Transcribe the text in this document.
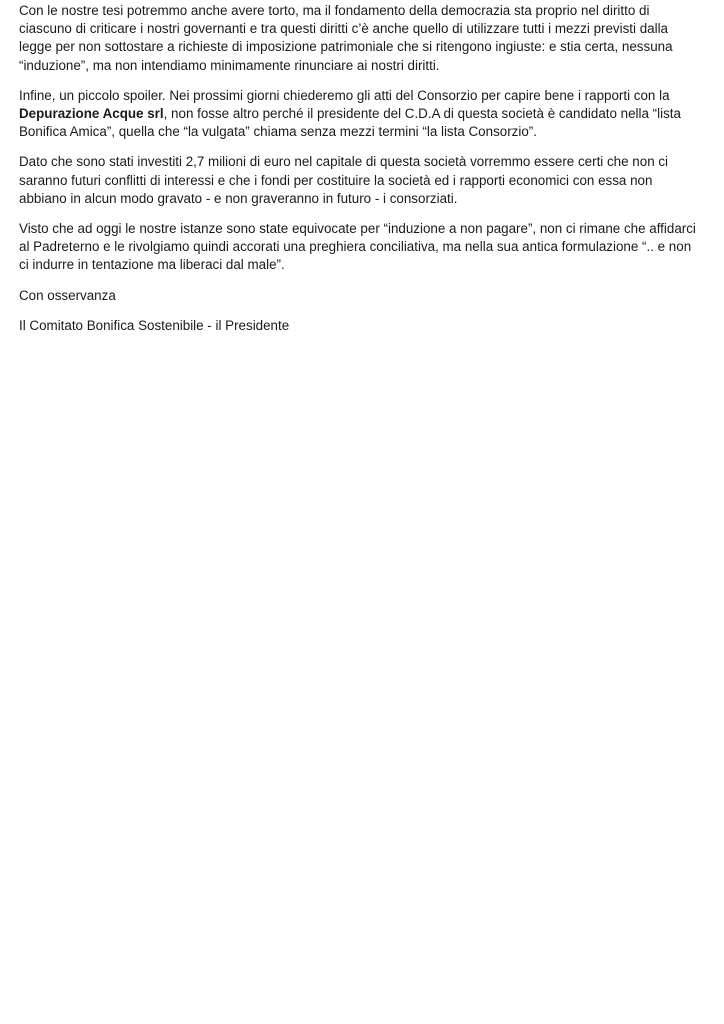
Con le nostre tesi potremmo anche avere torto, ma il fondamento della democrazia sta proprio nel diritto di ciascuno di criticare i nostri governanti e tra questi diritti c’è anche quello di utilizzare tutti i mezzi previsti dalla legge per non sottostare a richieste di imposizione patrimoniale che si ritengono ingiuste: e stia certa, nessuna “induzione”, ma non intendiamo minimamente rinunciare ai nostri diritti.

Infine, un piccolo spoiler. Nei prossimi giorni chiederemo gli atti del Consorzio per capire bene i rapporti con la Depurazione Acque srl, non fosse altro perché il presidente del C.D.A di questa società è candidato nella “lista Bonifica Amica”, quella che “la vulgata” chiama senza mezzi termini “la lista Consorzio”.

Dato che sono stati investiti 2,7 milioni di euro nel capitale di questa società vorremmo essere certi che non ci saranno futuri conflitti di interessi e che i fondi per costituire la società ed i rapporti economici con essa non abbiano in alcun modo gravato - e non graveranno in futuro - i consorziati.

Visto che ad oggi le nostre istanze sono state equivocate per “induzione a non pagare”, non ci rimane che affidarci al Padreterno e le rivolgiamo quindi accorati una preghiera conciliativa, ma nella sua antica formulazione “.. e non ci indurre in tentazione ma liberaci dal male”.

Con osservanza

Il Comitato Bonifica Sostenibile - il Presidente
